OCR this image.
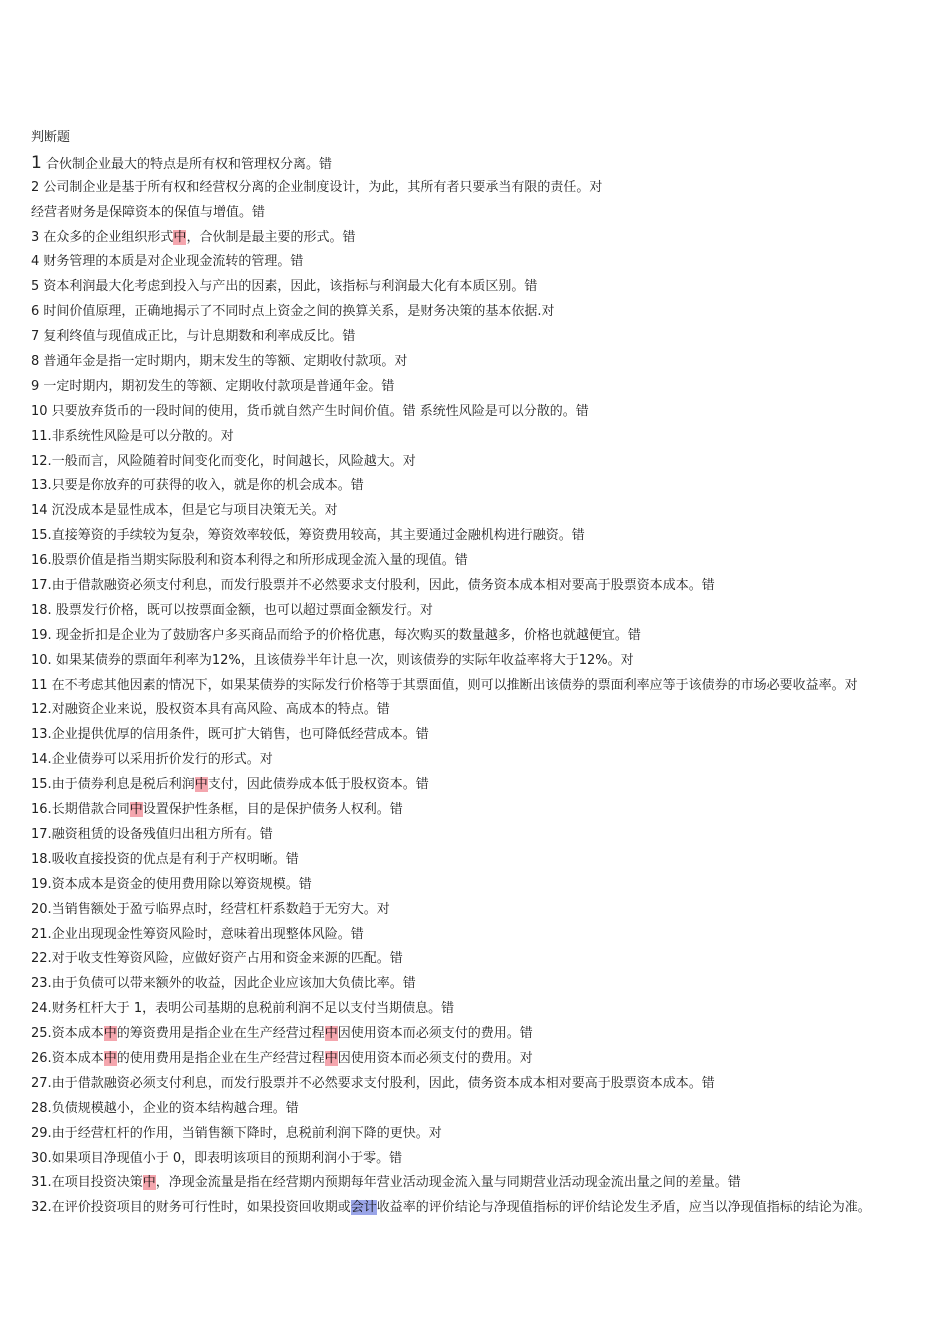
判断题
1 合伙制企业最大的特点是所有权和管理权分离。错
2 公司制企业是基于所有权和经营权分离的企业制度设计，为此，其所有者只要承当有限的责任。对
经营者财务是保障资本的保值与增值。错
3 在众多的企业组织形式中，合伙制是最主要的形式。错
4 财务管理的本质是对企业现金流转的管理。错
5 资本利润最大化考虑到投入与产出的因素，因此，该指标与利润最大化有本质区别。错
6 时间价值原理，正确地揭示了不同时点上资金之间的换算关系，是财务决策的基本依据.对
7 复利终值与现值成正比，与计息期数和利率成反比。错
8 普通年金是指一定时期内，期末发生的等额、定期收付款项。对
9 一定时期内，期初发生的等额、定期收付款项是普通年金。错
10 只要放弃货币的一段时间的使用，货币就自然产生时间价值。错 系统性风险是可以分散的。错
11.非系统性风险是可以分散的。对
12.一般而言，风险随着时间变化而变化，时间越长，风险越大。对
13.只要是你放弃的可获得的收入，就是你的机会成本。错
14 沉没成本是显性成本，但是它与项目决策无关。对
15.直接筹资的手续较为复杂，筹资效率较低，筹资费用较高，其主要通过金融机构进行融资。错
16.股票价值是指当期实际股利和资本利得之和所形成现金流入量的现值。错
17.由于借款融资必须支付利息，而发行股票并不必然要求支付股利，因此，债务资本成本相对要高于股票资本成本。错
18. 股票发行价格，既可以按票面金额，也可以超过票面金额发行。对
19. 现金折扣是企业为了鼓励客户多买商品而给予的价格优惠，每次购买的数量越多，价格也就越便宜。错
10. 如果某债券的票面年利率为12%，且该债券半年计息一次，则该债券的实际年收益率将大于12%。对
11 在不考虑其他因素的情况下，如果某债券的实际发行价格等于其票面值，则可以推断出该债券的票面利率应等于该债券的市场必要收益率。对
12.对融资企业来说，股权资本具有高风险、高成本的特点。错
13.企业提供优厚的信用条件，既可扩大销售，也可降低经营成本。错
14.企业债券可以采用折价发行的形式。对
15.由于债券利息是税后利润中支付，因此债券成本低于股权资本。错
16.长期借款合同中设置保护性条框，目的是保护债务人权利。错
17.融资租赁的设备残值归出租方所有。错
18.吸收直接投资的优点是有利于产权明晰。错
19.资本成本是资金的使用费用除以筹资规模。错
20.当销售额处于盈亏临界点时，经营杠杆系数趋于无穷大。对
21.企业出现现金性筹资风险时，意味着出现整体风险。错
22.对于收支性筹资风险，应做好资产占用和资金来源的匹配。错
23.由于负债可以带来额外的收益，因此企业应该加大负债比率。错
24.财务杠杆大于 1，表明公司基期的息税前利润不足以支付当期债息。错
25.资本成本中的筹资费用是指企业在生产经营过程中因使用资本而必须支付的费用。错
26.资本成本中的使用费用是指企业在生产经营过程中因使用资本而必须支付的费用。对
27.由于借款融资必须支付利息，而发行股票并不必然要求支付股利，因此，债务资本成本相对要高于股票资本成本。错
28.负债规模越小，企业的资本结构越合理。错
29.由于经营杠杆的作用，当销售额下降时，息税前利润下降的更快。对
30.如果项目净现值小于 0，即表明该项目的预期利润小于零。错
31.在项目投资决策中，净现金流量是指在经营期内预期每年营业活动现金流入量与同期营业活动现金流出量之间的差量。错
32.在评价投资项目的财务可行性时，如果投资回收期或会计收益率的评价结论与净现值指标的评价结论发生矛盾，应当以净现值指标的结论为准。
